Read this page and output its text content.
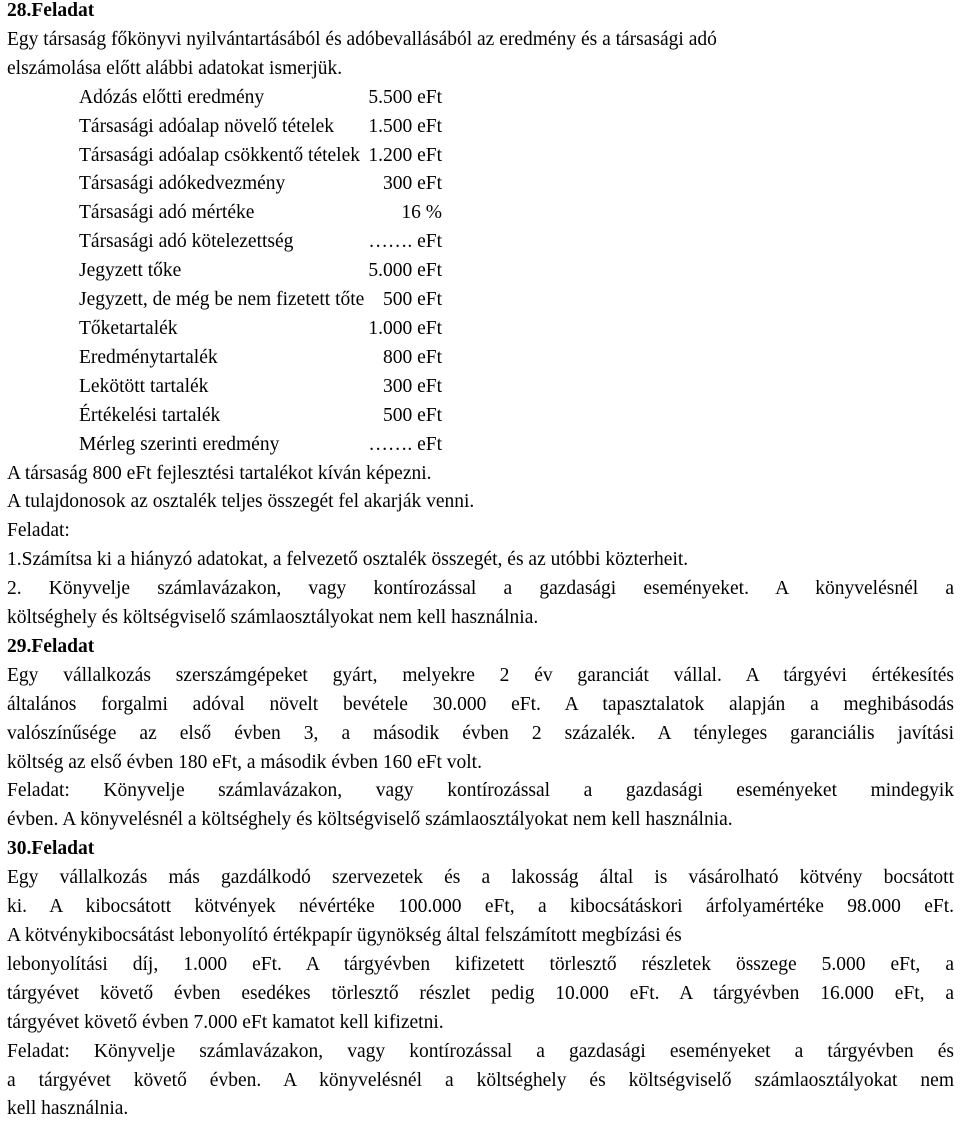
28.Feladat
Egy társaság főkönyvi nyilvántartásából és adóbevallásából az eredmény és a társasági adó
elszámolása előtt alábbi adatokat ismerjük.
Adózás előtti eredmény	5.500 eFt
Társasági adóalap növelő tételek	1.500 eFt
Társasági adóalap csökkentő tételek	1.200 eFt
Társasági adókedvezmény	300 eFt
Társasági adó mértéke	16 %
Társasági adó kötelezettség	……. eFt
Jegyzett tőke	5.000 eFt
Jegyzett, de még be nem fizetett tőte	500 eFt
Tőketartalék	1.000 eFt
Eredménytartalék	800 eFt
Lekötött tartalék	300 eFt
Értékelési tartalék	500 eFt
Mérleg szerinti eredmény	……. eFt
A társaság 800 eFt fejlesztési tartalékot kíván képezni.
A tulajdonosok az osztalék teljes összegét fel akarják venni.
Feladat:
1.Számítsa ki a hiányzó adatokat, a felvezető osztalék összegét, és az utóbbi közterheit.
2. Könyvelje számlavázakon, vagy kontírozással a gazdasági eseményeket. A könyvelésnél a
költséghely és költségviselő számlaosztályokat nem kell használnia.
29.Feladat
Egy vállalkozás szerszámgépeket gyárt, melyekre 2 év garanciát vállal. A tárgyévi értékesítés
általános forgalmi adóval növelt bevétele 30.000 eFt. A tapasztalatok alapján a meghibásodás
valószínűsége az első évben 3, a második évben 2 százalék. A tényleges garanciális javítási
költség az első évben 180 eFt, a második évben 160 eFt volt.
Feladat: Könyvelje számlavázakon, vagy kontírozással a gazdasági eseményeket mindegyik
évben. A könyvelésnél a költséghely és költségviselő számlaosztályokat nem kell használnia.
30.Feladat
Egy vállalkozás más gazdálkodó szervezetek és a lakosság által is vásárolható kötvény bocsátott
ki. A kibocsátott kötvények névértéke 100.000 eFt, a kibocsátáskori árfolyamértéke 98.000 eFt.
A kötvénykibocsátást lebonyolító értékpapír ügynökség által felszámított megbízási és
lebonyolítási díj, 1.000 eFt. A tárgyévben kifizetett törlesztő részletek összege 5.000 eFt, a
tárgyévet követő évben esedékes törlesztő részlet pedig 10.000 eFt. A tárgyévben 16.000 eFt, a
tárgyévet követő évben 7.000 eFt kamatot kell kifizetni.
Feladat: Könyvelje számlavázakon, vagy kontírozással a gazdasági eseményeket a tárgyévben és
a tárgyévet követő évben. A könyvelésnél a költséghely és költségviselő számlaosztályokat nem
kell használnia.
